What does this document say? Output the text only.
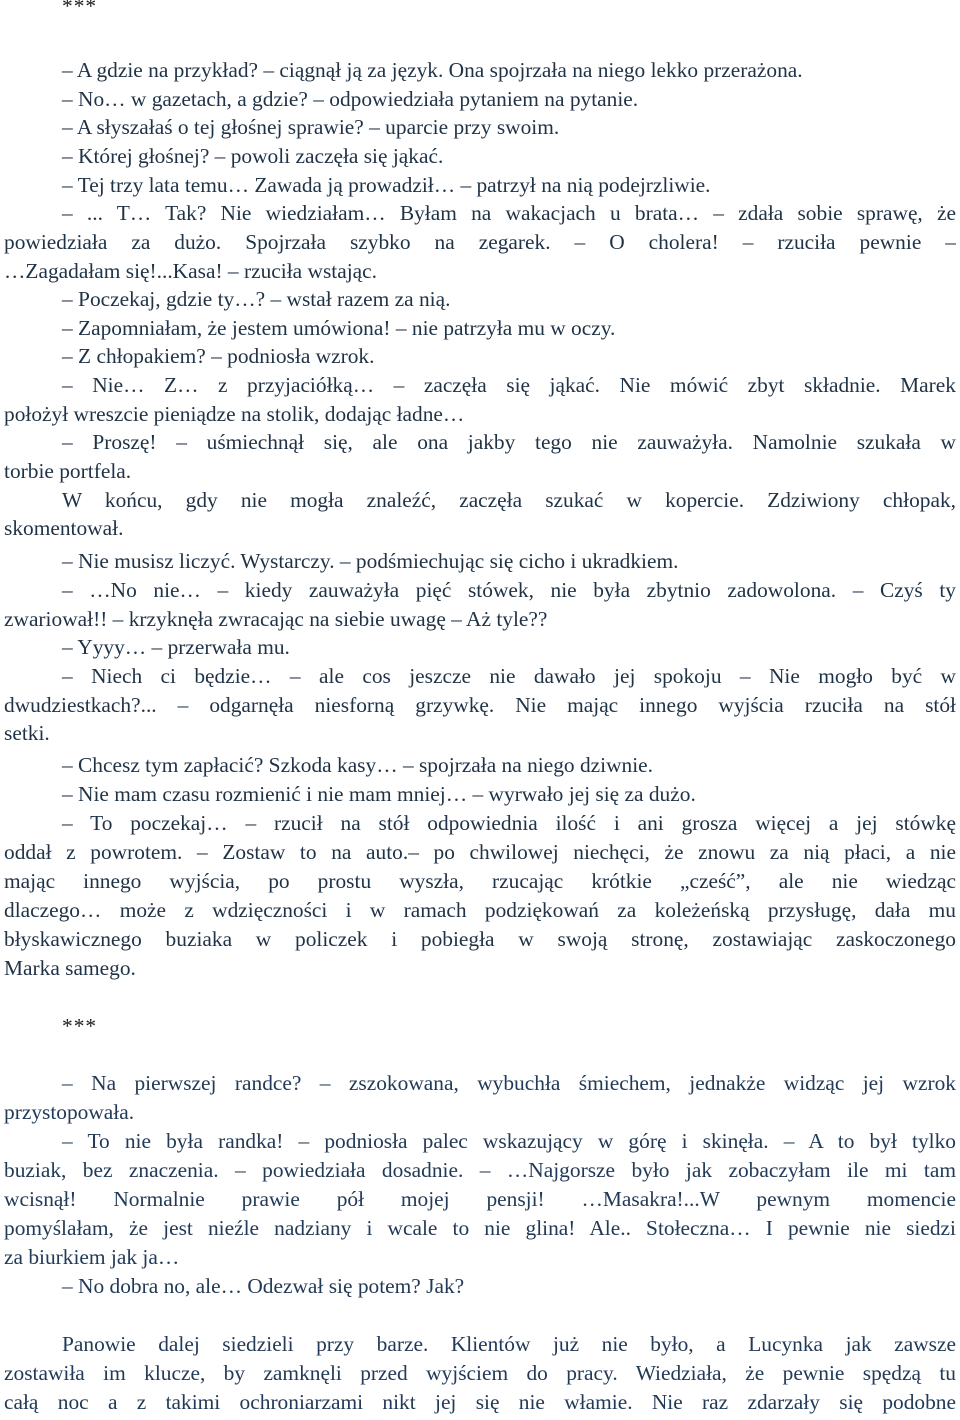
***
– A gdzie na przykład? – ciągnął ją za język. Ona spojrzała na niego lekko przerażona.
– No… w gazetach, a gdzie? – odpowiedziała pytaniem na pytanie.
– A słyszałaś o tej głośnej sprawie? – uparcie przy swoim.
– Której głośnej? – powoli zaczęła się jąkać.
– Tej trzy lata temu… Zawada ją prowadził… – patrzył na nią podejrzliwie.
– ... T… Tak? Nie wiedziałam… Byłam na wakacjach u brata… – zdała sobie sprawę, że
powiedziała za dużo. Spojrzała szybko na zegarek. – O cholera! – rzuciła pewnie –
…Zagadałam się!...Kasa! – rzuciła wstając.
– Poczekaj, gdzie ty…? – wstał razem za nią.
– Zapomniałam, że jestem umówiona! – nie patrzyła mu w oczy.
– Z chłopakiem? – podniosła wzrok.
– Nie… Z… z przyjaciółką… – zaczęła się jąkać. Nie mówić zbyt składnie. Marek
położył wreszcie pieniądze na stolik, dodając ładne…
– Proszę! – uśmiechnął się, ale ona jakby tego nie zauważyła. Namolnie szukała w
torbie portfela.
W końcu, gdy nie mogła znaleźć, zaczęła szukać w kopercie. Zdziwiony chłopak,
skomentował.
– Nie musisz liczyć. Wystarczy. – podśmiechując się cicho i ukradkiem.
– …No nie… – kiedy zauważyła pięć stówek, nie była zbytnio zadowolona. – Czyś ty
zwariował!! – krzyknęła zwracając na siebie uwagę – Aż tyle??
– Yyyy… – przerwała mu.
– Niech ci będzie… – ale cos jeszcze nie dawało jej spokoju – Nie mogło być w
dwudziestkach?... – odgarnęła niesforną grzywkę. Nie mając innego wyjścia rzuciła na stół
setki.
– Chcesz tym zapłacić? Szkoda kasy… – spojrzała na niego dziwnie.
– Nie mam czasu rozmienić i nie mam mniej… – wyrwało jej się za dużo.
– To poczekaj… – rzucił na stół odpowiednia ilość i ani grosza więcej a jej stówkę
oddał z powrotem. – Zostaw to na auto.– po chwilowej niechęci, że znowu za nią płaci, a nie
mając innego wyjścia, po prostu wyszła, rzucając krótkie „cześć”, ale nie wiedząc
dlaczego… może z wdzięczności i w ramach podziękowań za koleżeńską przysługę, dała mu
błyskawicznego buziaka w policzek i pobiegła w swoją stronę, zostawiając zaskoczonego
Marka samego.
***
– Na pierwszej randce? – zszokowana, wybuchła śmiechem, jednakże widząc jej wzrok
przystopowała.
– To nie była randka! – podniosła palec wskazujący w górę i skinęła. – A to był tylko
buziak, bez znaczenia. – powiedziała dosadnie. – …Najgorsze było jak zobaczyłam ile mi tam
wcisnął! Normalnie prawie pół mojej pensji! …Masakra!...W pewnym momencie
pomyślałam, że jest nieźle nadziany i wcale to nie glina! Ale.. Stołeczna… I pewnie nie siedzi
za biurkiem jak ja…
– No dobra no, ale… Odezwał się potem? Jak?
Panowie dalej siedzieli przy barze. Klientów już nie było, a Lucynka jak zawsze
zostawiła im klucze, by zamknęli przed wyjściem do pracy. Wiedziała, że pewnie spędzą tu
całą noc a z takimi ochroniarzami nikt jej się nie włamie. Nie raz zdarzały się podobne
